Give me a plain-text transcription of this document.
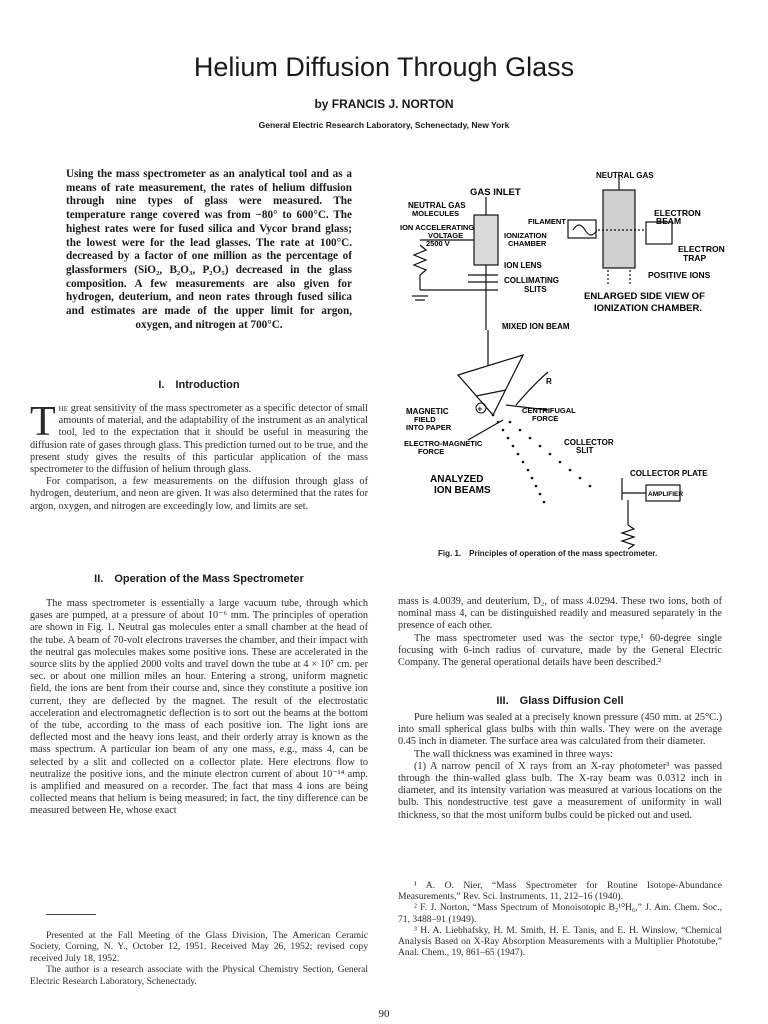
Helium Diffusion Through Glass
by FRANCIS J. NORTON
General Electric Research Laboratory, Schenectady, New York
Using the mass spectrometer as an analytical tool and as a means of rate measurement, the rates of helium diffusion through nine types of glass were measured. The temperature range covered was from −80° to 600°C. The highest rates were for fused silica and Vycor brand glass; the lowest were for the lead glasses. The rate at 100°C. decreased by a factor of one million as the percentage of glassformers (SiO₂, B₂O₃, P₂O₅) decreased in the glass composition. A few measurements are also given for hydrogen, deuterium, and neon rates through fused silica and estimates are made of the upper limit for argon, oxygen, and nitrogen at 700°C.
I. Introduction

The great sensitivity of the mass spectrometer as a specific detector of small amounts of material, and the adaptability of the instrument as an analytical tool, led to the expectation that it should be useful in measuring the diffusion rate of gases through glass. This prediction turned out to be true, and the present study gives the results of this particular application of the mass spectrometer to the diffusion of helium through glass.

For comparison, a few measurements on the diffusion through glass of hydrogen, deuterium, and neon are given. It was also determined that the rates for argon, oxygen, and nitrogen are exceedingly low, and limits are set.

II. Operation of the Mass Spectrometer

The mass spectrometer is essentially a large vacuum tube, through which gases are pumped, at a pressure of about 10⁻⁶ mm. The principles of operation are shown in Fig. 1. Neutral gas molecules enter a small chamber at the head of the tube. A beam of 70-volt electrons traverses the chamber, and their impact with the neutral gas molecules makes some positive ions. These are accelerated in the source slits by the applied 2000 volts and travel down the tube at 4 × 10⁷ cm. per sec. or about one million miles an hour. Entering a strong, uniform magnetic field, the ions are bent from their course and, since they constitute a positive ion current, they are deflected by the magnet. The result of the electrostatic acceleration and electromagnetic deflection is to sort out the beams at the bottom of the tube, according to the mass of each positive ion. The light ions are deflected most and the heavy ions least, and their orderly array is known as the mass spectrum. A particular ion beam of any one mass, e.g., mass 4, can be selected by a slit and collected on a collector plate. Here electrons flow to neutralize the positive ions, and the minute electron current of about 10⁻¹⁴ amp. is amplified and measured on a recorder. The fact that mass 4 ions are being collected means that helium is being measured; in fact, the tiny difference can be measured between He, whose exact

+
GAS INLET
NEUTRAL GAS
MOLECULES
ION ACCELERATING
VOLTAGE
2500 V
FILAMENT
IONIZATION
CHAMBER
ION LENS
COLLIMATING
SLITS
MIXED ION BEAM
NEUTRAL GAS
ELECTRON
BEAM
ELECTRON
TRAP
POSITIVE IONS
ENLARGED SIDE VIEW OF
IONIZATION CHAMBER.
MAGNETIC
FIELD
INTO PAPER
ELECTRO-MAGNETIC
FORCE
CENTRIFUGAL
FORCE
COLLECTOR
SLIT
ANALYZED
ION BEAMS
COLLECTOR PLATE
AMPLIFIER
R
Fig. 1. Principles of operation of the mass spectrometer.

mass is 4.0039, and deuterium, D₂, of mass 4.0294. These two ions, both of nominal mass 4, can be distinguished readily and measured separately in the presence of each other.

The mass spectrometer used was the sector type,¹ 60-degree single focusing with 6-inch radius of curvature, made by the General Electric Company. The general operational details have been described.²

III. Glass Diffusion Cell

Pure helium was sealed at a precisely known pressure (450 mm. at 25°C.) into small spherical glass bulbs with thin walls. They were on the average 0.45 inch in diameter. The surface area was calculated from their diameter.

The wall thickness was examined in three ways:

(1) A narrow pencil of X rays from an X-ray photometer³ was passed through the thin-walled glass bulb. The X-ray beam was 0.0312 inch in diameter, and its intensity variation was measured at various locations on the bulb. This nondestructive test gave a measurement of uniformity in wall thickness, so that the most uniform bulbs could be picked out and used.

Presented at the Fall Meeting of the Glass Division, The American Ceramic Society, Corning, N. Y., October 12, 1951. Received May 26, 1952; revised copy received July 18, 1952.

The author is a research associate with the Physical Chemistry Section, General Electric Research Laboratory, Schenectady.

¹ A. O. Nier, “Mass Spectrometer for Routine Isotope-Abundance Measurements,” Rev. Sci. Instruments, 11, 212–16 (1940).

² F. J. Norton, “Mass Spectrum of Monoisotopic B₂¹⁰H₆,” J. Am. Chem. Soc., 71, 3488–91 (1949).

³ H. A. Liebhafsky, H. M. Smith, H. E. Tanis, and E. H. Winslow, “Chemical Analysis Based on X-Ray Absorption Measurements with a Multiplier Phototube,” Anal. Chem., 19, 861–65 (1947).

90
